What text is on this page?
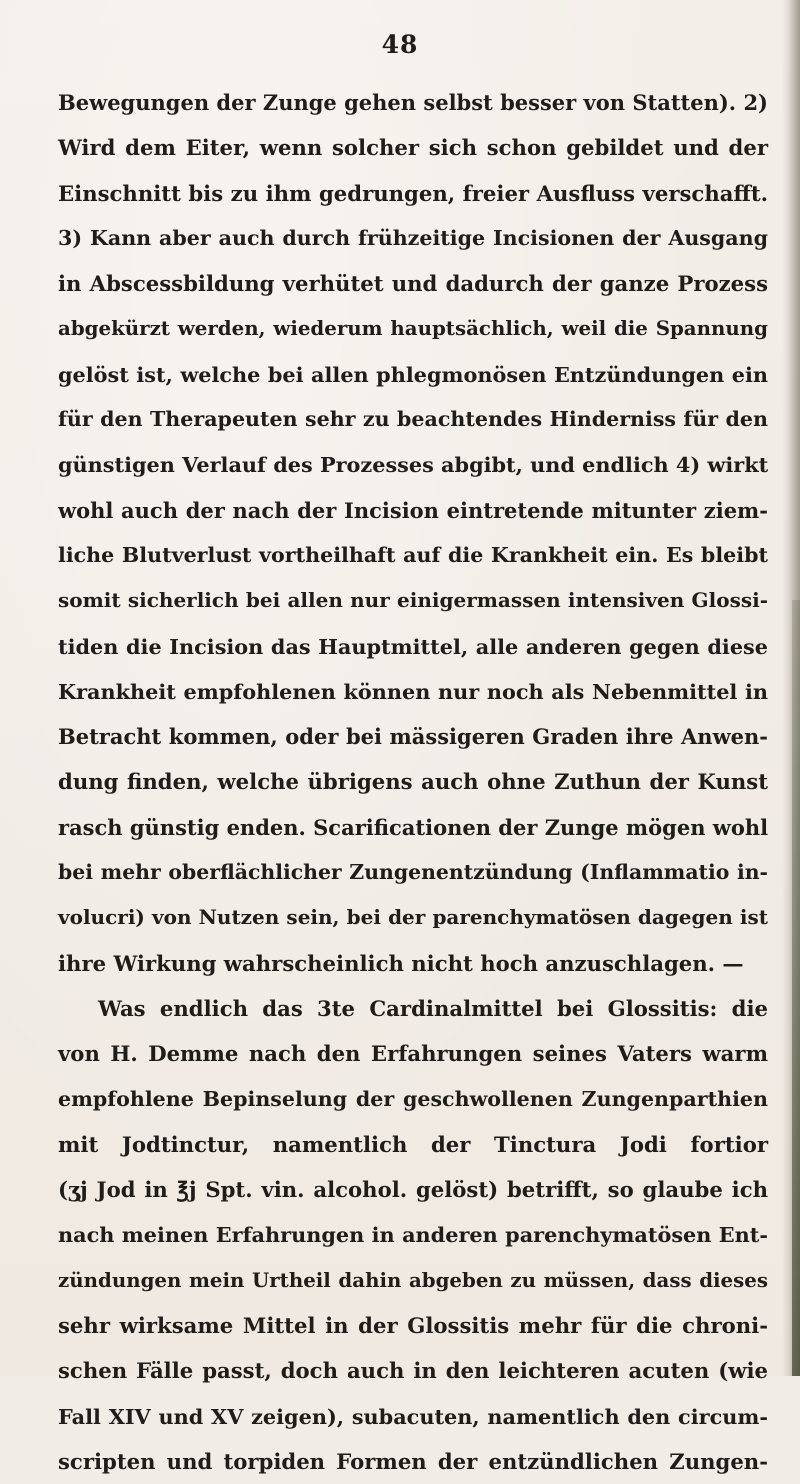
48
Bewegungen der Zunge gehen selbst besser von Statten). 2)
Wird dem Eiter, wenn solcher sich schon gebildet und der
Einschnitt bis zu ihm gedrungen, freier Ausfluss verschafft.
3) Kann aber auch durch frühzeitige Incisionen der Ausgang
in Abscessbildung verhütet und dadurch der ganze Prozess
abgekürzt werden, wiederum hauptsächlich, weil die Spannung
gelöst ist, welche bei allen phlegmonösen Entzündungen ein
für den Therapeuten sehr zu beachtendes Hinderniss für den
günstigen Verlauf des Prozesses abgibt, und endlich 4) wirkt
wohl auch der nach der Incision eintretende mitunter ziem-
liche Blutverlust vortheilhaft auf die Krankheit ein. Es bleibt
somit sicherlich bei allen nur einigermassen intensiven Glossi-
tiden die Incision das Hauptmittel, alle anderen gegen diese
Krankheit empfohlenen können nur noch als Nebenmittel in
Betracht kommen, oder bei mässigeren Graden ihre Anwen-
dung finden, welche übrigens auch ohne Zuthun der Kunst
rasch günstig enden. Scarificationen der Zunge mögen wohl
bei mehr oberflächlicher Zungenentzündung (Inflammatio in-
volucri) von Nutzen sein, bei der parenchymatösen dagegen ist
ihre Wirkung wahrscheinlich nicht hoch anzuschlagen. —
Was endlich das 3te Cardinalmittel bei Glossitis: die
von H. Demme nach den Erfahrungen seines Vaters warm
empfohlene Bepinselung der geschwollenen Zungenparthien
mit Jodtinctur, namentlich der Tinctura Jodi fortior
(ʒj Jod in ℥j Spt. vin. alcohol. gelöst) betrifft, so glaube ich
nach meinen Erfahrungen in anderen parenchymatösen Ent-
zündungen mein Urtheil dahin abgeben zu müssen, dass dieses
sehr wirksame Mittel in der Glossitis mehr für die chroni-
schen Fälle passt, doch auch in den leichteren acuten (wie
Fall XIV und XV zeigen), subacuten, namentlich den circum-
scripten und torpiden Formen der entzündlichen Zungen-
